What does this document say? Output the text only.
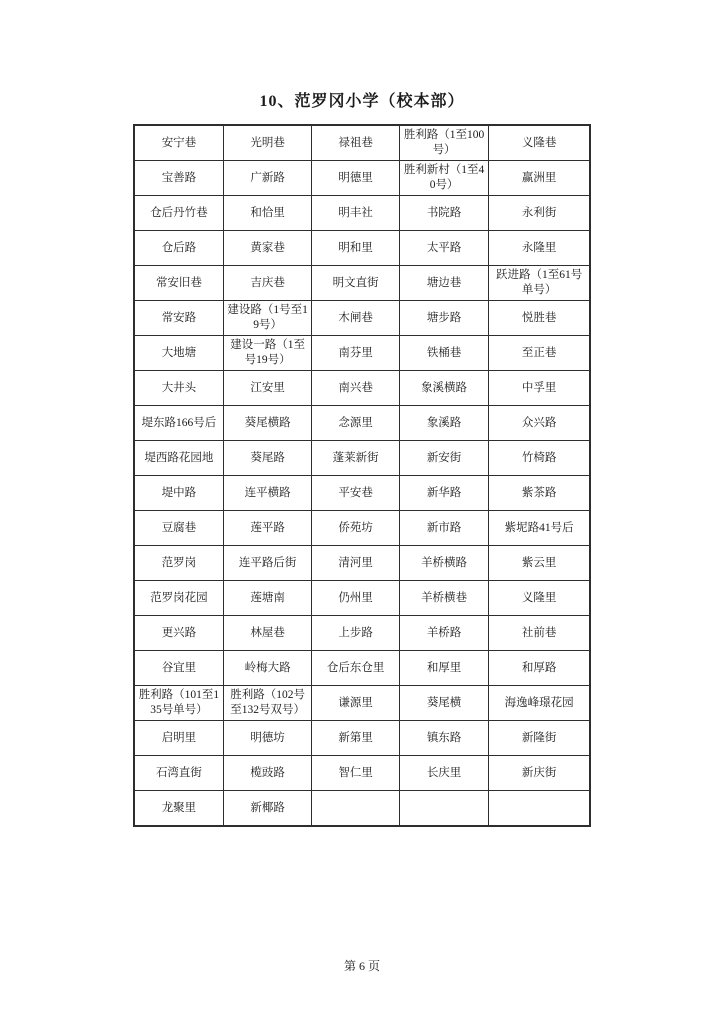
10、范罗冈小学（校本部）
安宁巷	光明巷	禄祖巷	胜利路（1至100号）	义隆巷
宝善路	广新路	明德里	胜利新村（1至40号）	赢洲里
仓后丹竹巷	和恰里	明丰社	书院路	永利街
仓后路	黄家巷	明和里	太平路	永隆里
常安旧巷	吉庆巷	明文直街	塘边巷	跃进路（1至61号单号）
常安路	建设路（1号至19号）	木闸巷	塘步路	悦胜巷
大地塘	建设一路（1至号19号）	南芬里	铁桶巷	至正巷
大井头	江安里	南兴巷	象溪横路	中孚里
堤东路166号后	葵尾横路	念源里	象溪路	众兴路
堤西路花园地	葵尾路	蓬莱新街	新安街	竹椅路
堤中路	连平横路	平安巷	新华路	紫茶路
豆腐巷	莲平路	侨苑坊	新市路	紫坭路41号后
范罗岗	连平路后街	清河里	羊桥横路	紫云里
范罗岗花园	莲塘南	仍州里	羊桥横巷	义隆里
更兴路	林屋巷	上步路	羊桥路	社前巷
谷宜里	岭梅大路	仓后东仓里	和厚里	和厚路
胜利路（101至135号单号）	胜利路（102号至132号双号）	谦源里	葵尾横	海逸峰璟花园
启明里	明德坊	新第里	镇东路	新隆街
石湾直街	榄豉路	智仁里	长庆里	新庆街
龙聚里	新椰路			
第 6 页
